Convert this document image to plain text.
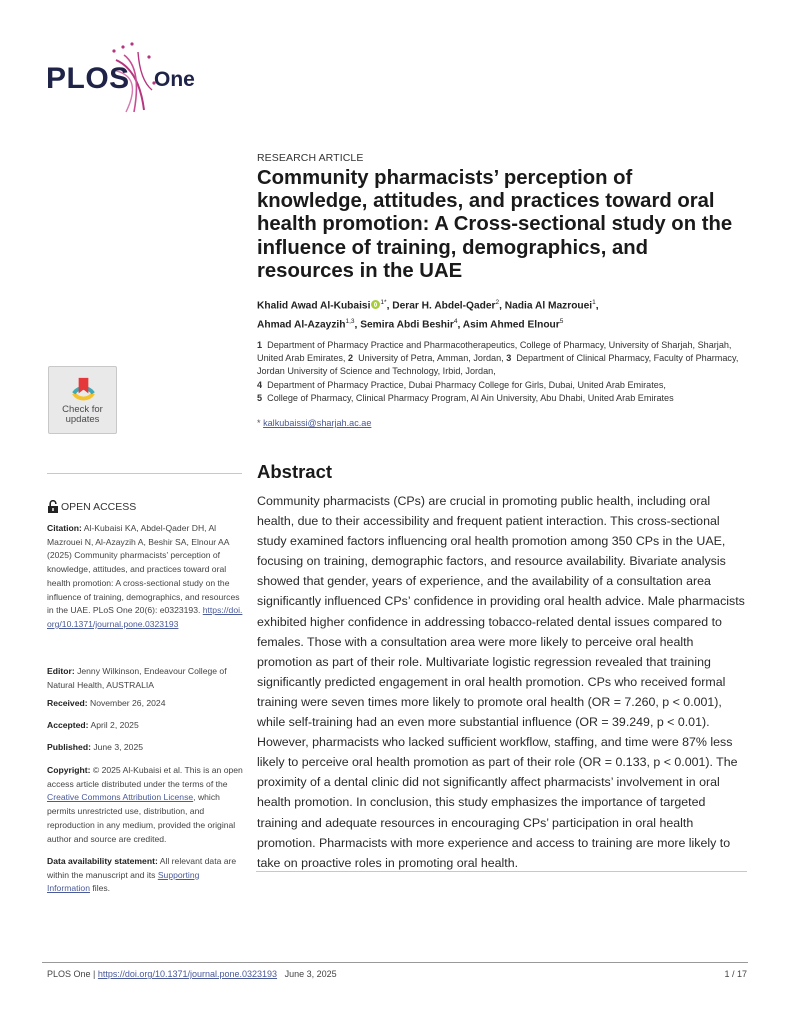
PLOS One
RESEARCH ARTICLE
Community pharmacists’ perception of knowledge, attitudes, and practices toward oral health promotion: A Cross-sectional study on the influence of training, demographics, and resources in the UAE
Khalid Awad Al-Kubaisi $^{1*}$, Derar H. Abdel-Qader$^2$, Nadia Al Mazrouei$^1$,
Ahmad Al-Azayzih$^{1,3}$, Semira Abdi Beshir$^4$, Asim Ahmed Elnour$^5$
1 Department of Pharmacy Practice and Pharmacotherapeutics, College of Pharmacy, University of Sharjah, Sharjah, United Arab Emirates, 2 University of Petra, Amman, Jordan, 3 Department of Clinical Pharmacy, Faculty of Pharmacy, Jordan University of Science and Technology, Irbid, Jordan,
4 Department of Pharmacy Practice, Dubai Pharmacy College for Girls, Dubai, United Arab Emirates,
5 College of Pharmacy, Clinical Pharmacy Program, Al Ain University, Abu Dhabi, United Arab Emirates
* kalkubaissi@sharjah.ac.ae
Check for
updates
OPEN ACCESS
Citation: Al-Kubaisi KA, Abdel-Qader DH, Al Mazrouei N, Al-Azayzih A, Beshir SA, Elnour AA (2025) Community pharmacists’ perception of knowledge, attitudes, and practices toward oral health promotion: A cross-sectional study on the influence of training, demographics, and resources in the UAE. PLoS One 20(6): e0323193. https://doi.org/10.1371/journal.pone.0323193
Editor: Jenny Wilkinson, Endeavour College of Natural Health, AUSTRALIA
Received: November 26, 2024
Accepted: April 2, 2025
Published: June 3, 2025
Copyright: © 2025 Al-Kubaisi et al. This is an open access article distributed under the terms of the Creative Commons Attribution License, which permits unrestricted use, distribution, and reproduction in any medium, provided the original author and source are credited.
Data availability statement: All relevant data are within the manuscript and its Supporting Information files.
Abstract

Community pharmacists (CPs) are crucial in promoting public health, including oral health, due to their accessibility and frequent patient interaction. This cross-sectional study examined factors influencing oral health promotion among 350 CPs in the UAE, focusing on training, demographic factors, and resource availability. Bivariate analysis showed that gender, years of experience, and the availability of a consultation area significantly influenced CPs’ confidence in providing oral health advice. Male pharmacists exhibited higher confidence in addressing tobacco-related dental issues compared to females. Those with a consultation area were more likely to perceive oral health promotion as part of their role. Multivariate logistic regression revealed that training significantly predicted engagement in oral health promotion. CPs who received formal training were seven times more likely to promote oral health (OR = 7.260, p < 0.001), while self-training had an even more substantial influence (OR = 39.249, p < 0.01). However, pharmacists who lacked sufficient workflow, staffing, and time were 87% less likely to perceive oral health promotion as part of their role (OR = 0.133, p < 0.001). The proximity of a dental clinic did not significantly affect pharmacists’ involvement in oral health promotion. In conclusion, this study emphasizes the importance of targeted training and adequate resources in encouraging CPs’ participation in oral health promotion. Pharmacists with more experience and access to training are more likely to take on proactive roles in promoting oral health.

PLOS One | https://doi.org/10.1371/journal.pone.0323193 June 3, 2025	1 / 17
